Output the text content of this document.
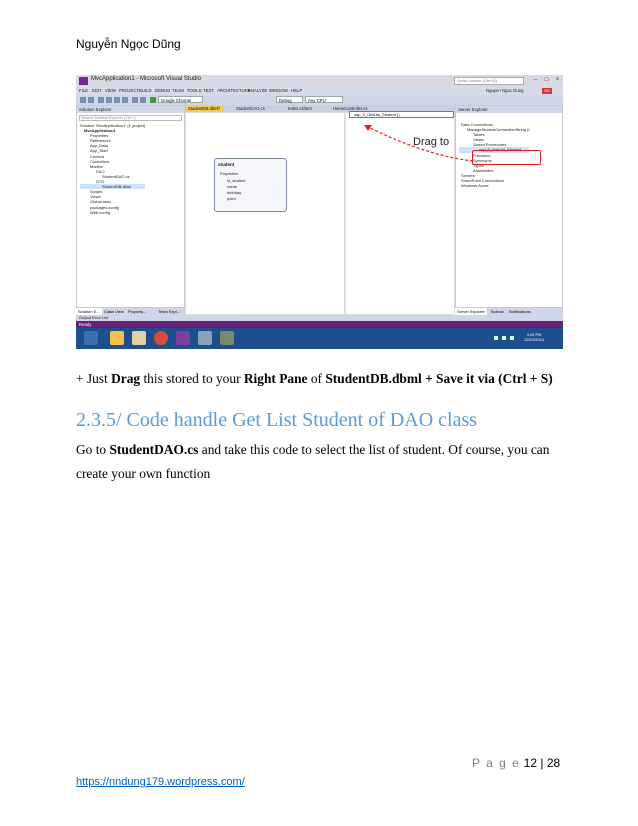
Nguyễn Ngọc Dũng
MvcApplication1 - Microsoft Visual Studio	Quick Launch (Ctrl+Q)	–	□	×
FILE EDIT VIEW PROJECT BUILD DEBUG TEAM TOOLS TEST ARCHITECTURE
ANALYZE WINDOW HELP	Nguyen Ngoc Dung	ND
Google Chrome	Debug	Any CPU
Solution Explorer
Search Solution Explorer (Ctrl+;)
Solution 'MvcApplication1' (1 project)
MvcApplication1
Properties
References
App_Data
App_Start
Content
Controllers
Models
DAO
StudentDAO.cs
DTO
StudentDB.dbml
Scripts
Views
Global.asax
packages.config
Web.config
Solution E...	Class View	Property...	Team Expl...
StudentDB.dbml*	StudentDAO.cs	Index.cshtml	HomeController.cs
student
Properties
id_student
name
birthday
point
usp_0_GetList_Student ()
Server Explorer
Data Connections
ManageStudentConnectionString (I
Tables
Views
Stored Procedures
usp_0_GetList_Student
Functions
Synonyms
Types
Assemblies
Servers
SharePoint Connections
Windows Azure
Server Explorer	Toolbox	Notifications
Drag to
Output Error List
Ready
4:19 PM
12/04/2014
+ Just Drag this stored to your Right Pane of StudentDB.dbml + Save it via (Ctrl + S)
2.3.5/ Code handle Get List Student of DAO class
Go to StudentDAO.cs and take this code to select the list of student. Of course, you can create your own function
P a g e 12 | 28
https://nndung179.wordpress.com/
